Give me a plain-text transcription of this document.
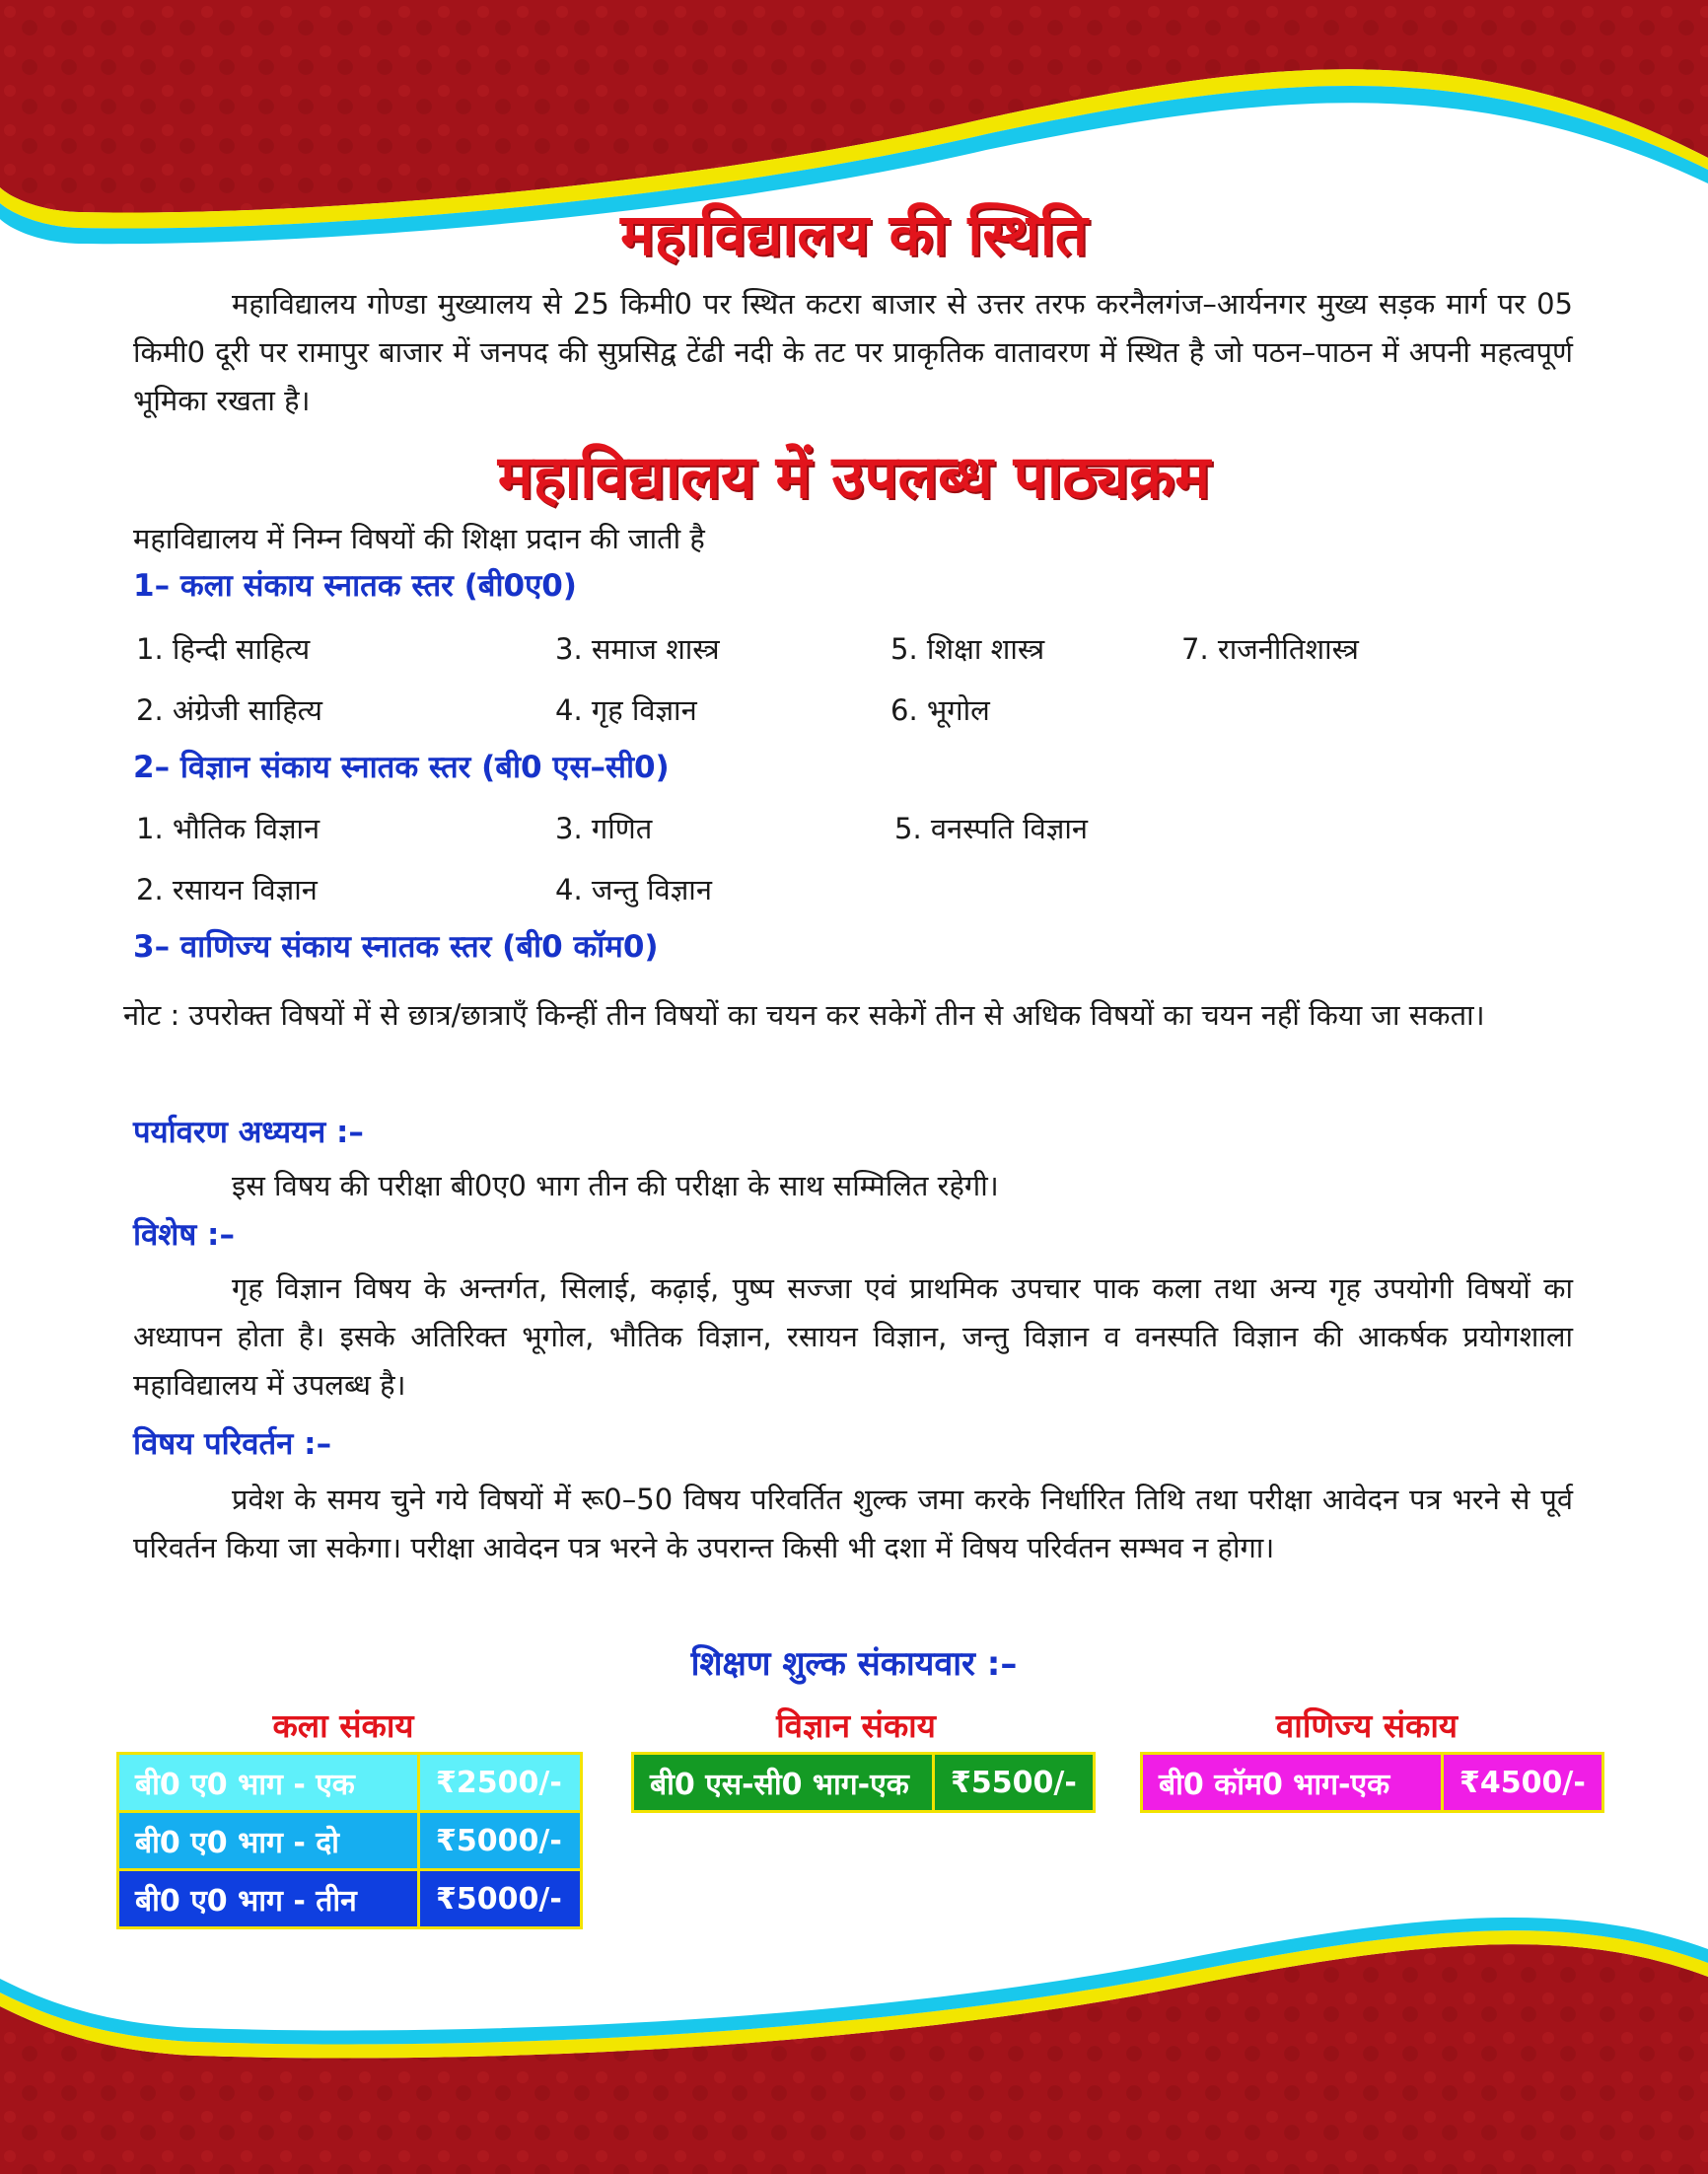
महाविद्यालय की स्थिति

महाविद्यालय गोण्डा मुख्यालय से 25 किमी0 पर स्थित कटरा बाजार से उत्तर तरफ करनैलगंज–आर्यनगर मुख्य सड़क मार्ग पर 05 किमी0 दूरी पर रामापुर बाजार में जनपद की सुप्रसिद्व टेंढी नदी के तट पर प्राकृतिक वातावरण में स्थित है जो पठन–पाठन में अपनी महत्वपूर्ण भूमिका रखता है।

महाविद्यालय में उपलब्ध पाठ्यक्रम

महाविद्यालय में निम्न विषयों की शिक्षा प्रदान की जाती है

1– कला संकाय स्नातक स्तर (बी0ए0)

1. हिन्दी साहित्य	3. समाज शास्त्र	5. शिक्षा शास्त्र	7. राजनीतिशास्त्र

2. अंग्रेजी साहित्य	4. गृह विज्ञान	6. भूगोल

2– विज्ञान संकाय स्नातक स्तर (बी0 एस–सी0)

1. भौतिक विज्ञान	3. गणित	5. वनस्पति विज्ञान

2. रसायन विज्ञान	4. जन्तु विज्ञान

3– वाणिज्य संकाय स्नातक स्तर (बी0 कॉम0)

नोट : उपरोक्त विषयों में से छात्र/छात्राएँ किन्हीं तीन विषयों का चयन कर सकेगें तीन से अधिक विषयों का चयन नहीं किया जा सकता।

पर्यावरण अध्ययन :–

इस विषय की परीक्षा बी0ए0 भाग तीन की परीक्षा के साथ सम्मिलित रहेगी।

विशेष :–

गृह विज्ञान विषय के अन्तर्गत, सिलाई, कढ़ाई, पुष्प सज्जा एवं प्राथमिक उपचार पाक कला तथा अन्य गृह उपयोगी विषयों का अध्यापन होता है। इसके अतिरिक्त भूगोल, भौतिक विज्ञान, रसायन विज्ञान, जन्तु विज्ञान व वनस्पति विज्ञान की आकर्षक प्रयोगशाला महाविद्यालय में उपलब्ध है।

विषय परिवर्तन :–

प्रवेश के समय चुने गये विषयों में रू0–50 विषय परिवर्तित शुल्क जमा करके निर्धारित तिथि तथा परीक्षा आवेदन पत्र भरने से पूर्व परिवर्तन किया जा सकेगा। परीक्षा आवेदन पत्र भरने के उपरान्त किसी भी दशा में विषय परिर्वतन सम्भव न होगा।

शिक्षण शुल्क संकायवार :–

कला संकाय

बी0 ए0 भाग - एक	₹2500/-
बी0 ए0 भाग - दो	₹5000/-
बी0 ए0 भाग - तीन	₹5000/-

विज्ञान संकाय

बी0 एस-सी0 भाग-एक	₹5500/-

वाणिज्य संकाय

बी0 कॉम0 भाग-एक	₹4500/-
